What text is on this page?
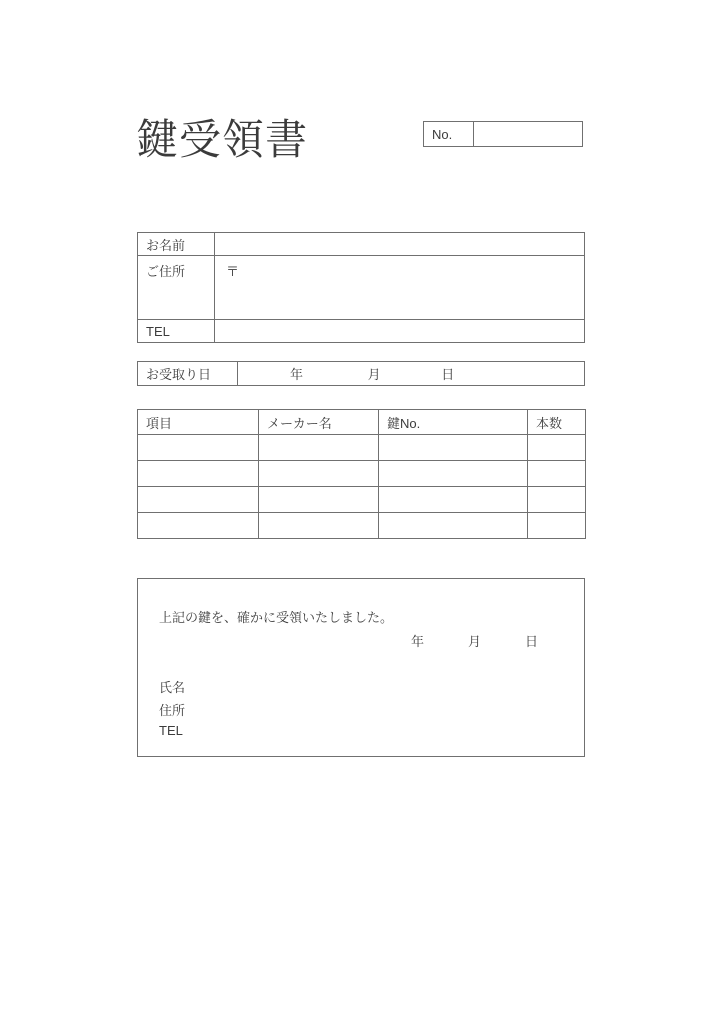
鍵受領書	No.
お名前	
ご住所	〒
TEL	
お受取り日	年	月	日
項目	メーカー名	鍵No.	本数

上記の鍵を、確かに受領いたしました。
年	月	日
氏名
住所
TEL
